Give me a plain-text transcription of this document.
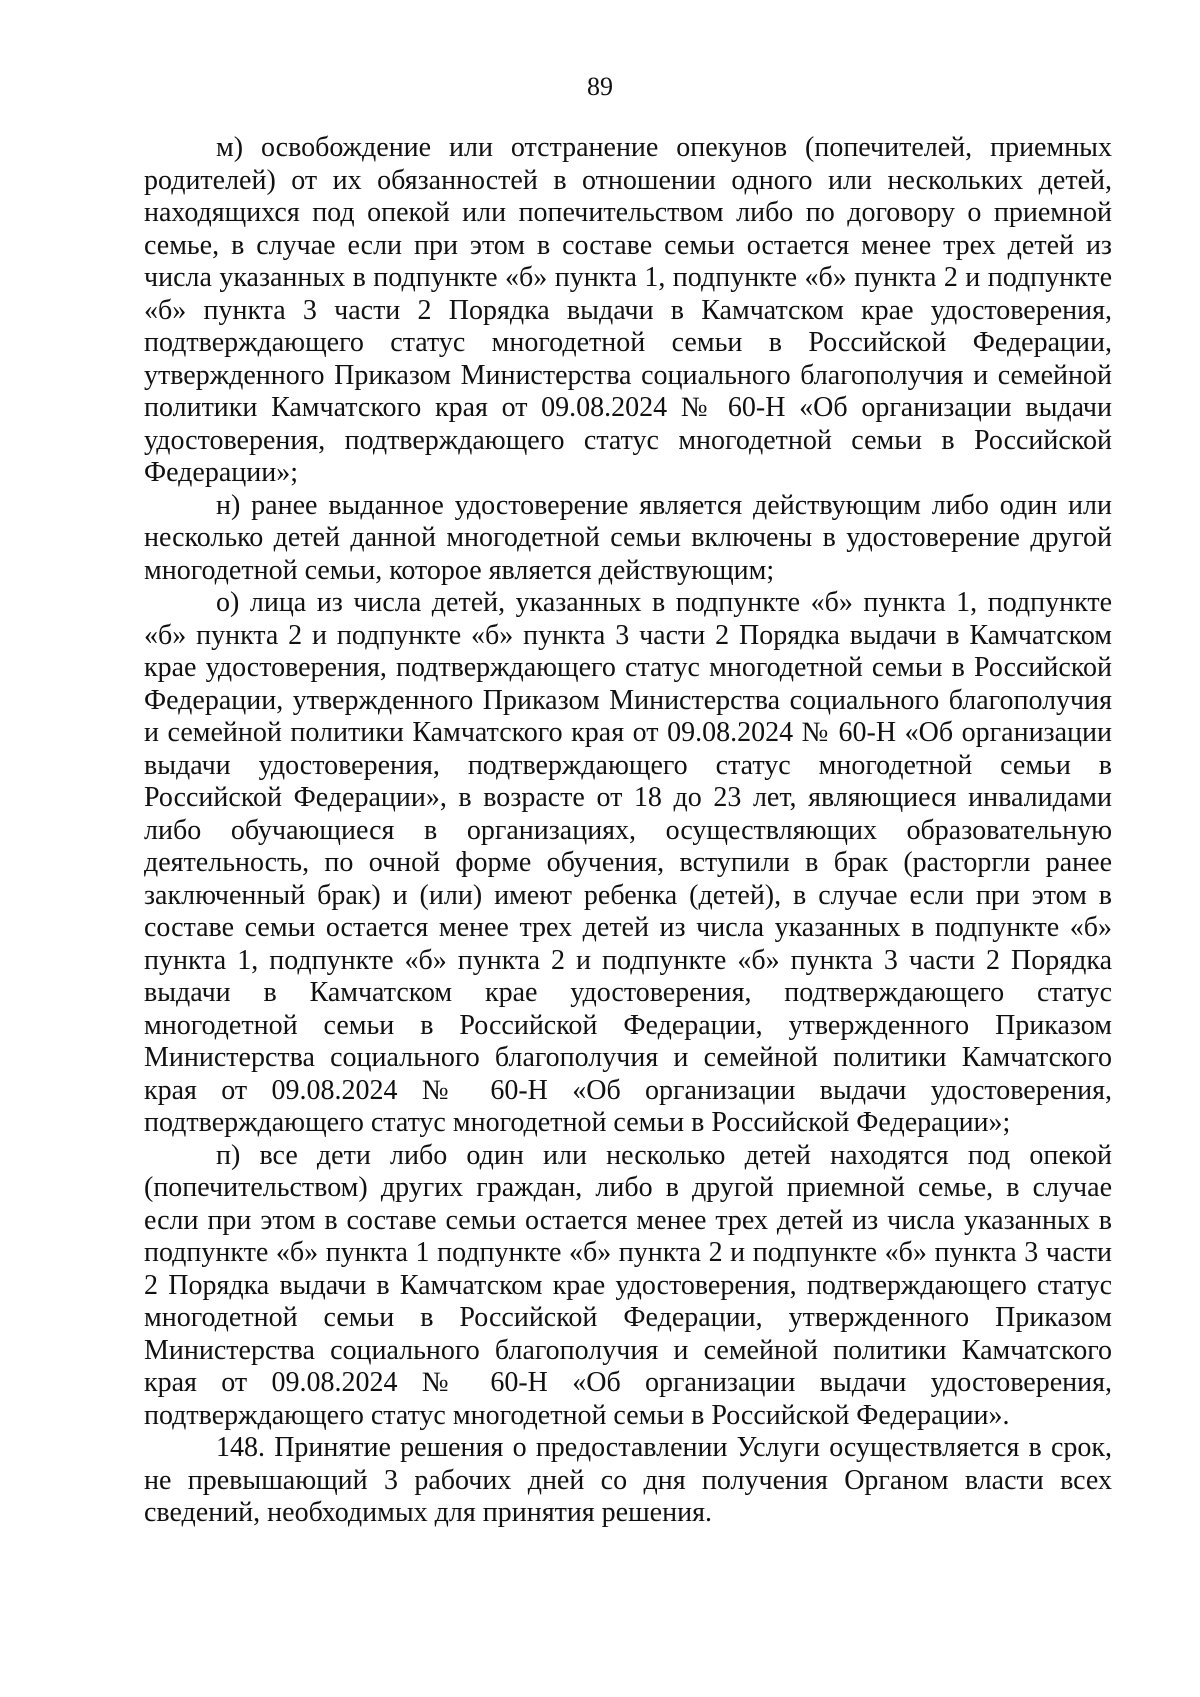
89

м) освобождение или отстранение опекунов (попечителей, приемных родителей) от их обязанностей в отношении одного или нескольких детей, находящихся под опекой или попечительством либо по договору о приемной семье, в случае если при этом в составе семьи остается менее трех детей из числа указанных в подпункте «б» пункта 1, подпункте «б» пункта 2 и подпункте «б» пункта 3 части 2 Порядка выдачи в Камчатском крае удостоверения, подтверждающего статус многодетной семьи в Российской Федерации, утвержденного Приказом Министерства социального благополучия и семейной политики Камчатского края от 09.08.2024 № 60-Н «Об организации выдачи удостоверения, подтверждающего статус многодетной семьи в Российской Федерации»;

н) ранее выданное удостоверение является действующим либо один или несколько детей данной многодетной семьи включены в удостоверение другой многодетной семьи, которое является действующим;

о) лица из числа детей, указанных в подпункте «б» пункта 1, подпункте «б» пункта 2 и подпункте «б» пункта 3 части 2 Порядка выдачи в Камчатском крае удостоверения, подтверждающего статус многодетной семьи в Российской Федерации, утвержденного Приказом Министерства социального благополучия и семейной политики Камчатского края от 09.08.2024 № 60-Н «Об организации выдачи удостоверения, подтверждающего статус многодетной семьи в Российской Федерации», в возрасте от 18 до 23 лет, являющиеся инвалидами либо обучающиеся в организациях, осуществляющих образовательную деятельность, по очной форме обучения, вступили в брак (расторгли ранее заключенный брак) и (или) имеют ребенка (детей), в случае если при этом в составе семьи остается менее трех детей из числа указанных в подпункте «б» пункта 1, подпункте «б» пункта 2 и подпункте «б» пункта 3 части 2 Порядка выдачи в Камчатском крае удостоверения, подтверждающего статус многодетной семьи в Российской Федерации, утвержденного Приказом Министерства социального благополучия и семейной политики Камчатского края от 09.08.2024 № 60-Н «Об организации выдачи удостоверения, подтверждающего статус многодетной семьи в Российской Федерации»;

п) все дети либо один или несколько детей находятся под опекой (попечительством) других граждан, либо в другой приемной семье, в случае если при этом в составе семьи остается менее трех детей из числа указанных в подпункте «б» пункта 1 подпункте «б» пункта 2 и подпункте «б» пункта 3 части 2 Порядка выдачи в Камчатском крае удостоверения, подтверждающего статус многодетной семьи в Российской Федерации, утвержденного Приказом Министерства социального благополучия и семейной политики Камчатского края от 09.08.2024 № 60-Н «Об организации выдачи удостоверения, подтверждающего статус многодетной семьи в Российской Федерации».

148. Принятие решения о предоставлении Услуги осуществляется в срок, не превышающий 3 рабочих дней со дня получения Органом власти всех сведений, необходимых для принятия решения.
